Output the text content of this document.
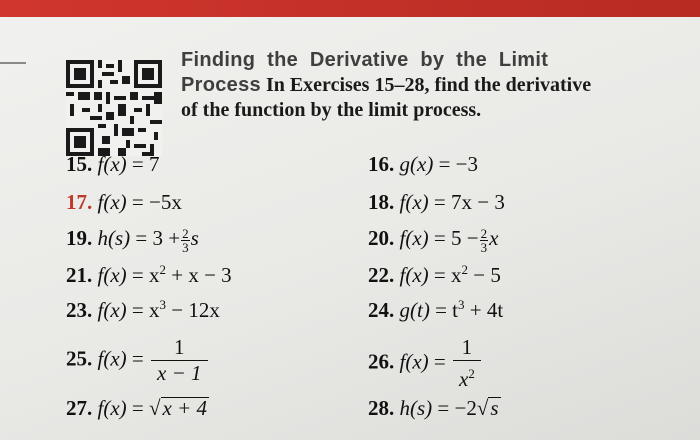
Finding the Derivative by the Limit
Process In Exercises 15–28, find the derivative
of the function by the limit process.
15. f(x) = 7
17. f(x) = −5x
19. $h(s) = 3 + \frac{2}{3}$ s
21. $f(x) = x^2 + x - 3$
23. $f(x) = x^3 - 12x$
25. $f(x) = \frac{1}{x - 1}$
27. f(x) = √x + 4
16. g(x) = −3
18. f(x) = 7x − 3
20. $f(x) = 5 - \frac{2}{3}$ x
22. $f(x) = x^2 - 5$
24. $g(t) = t^3 + 4t$
26. $f(x) = \frac{1}{x^2}$
28. h(s) = −2√s
